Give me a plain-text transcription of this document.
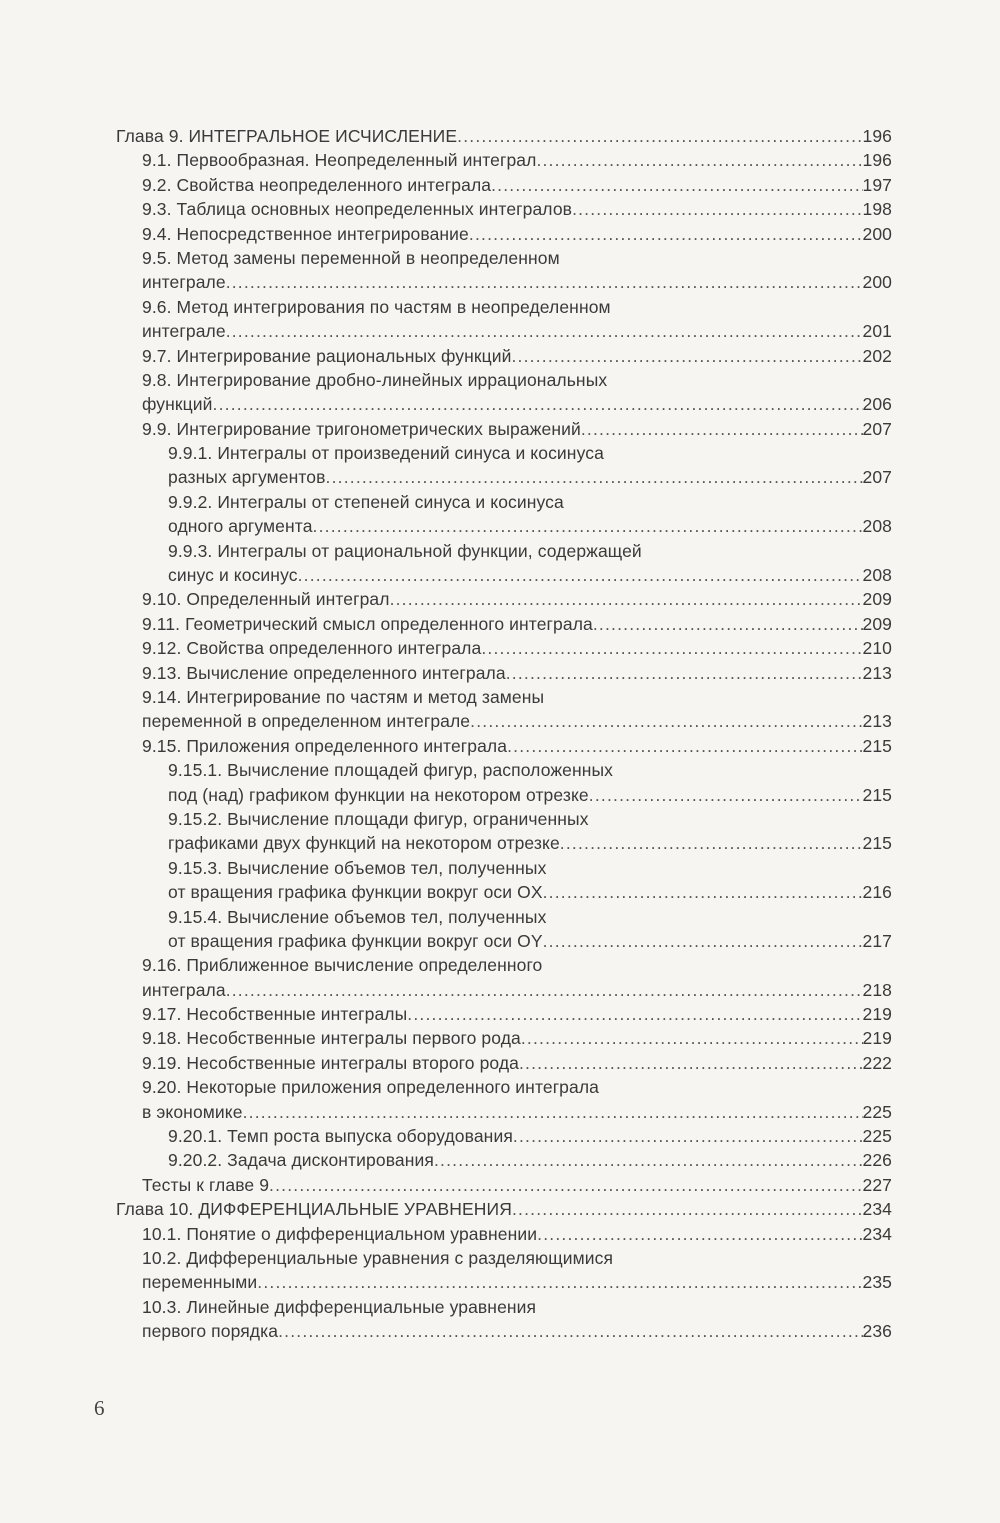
Глава 9. ИНТЕГРАЛЬНОЕ ИСЧИСЛЕНИЕ .....	196
9.1. Первообразная. Неопределенный интеграл .....	196
9.2. Свойства неопределенного интеграла .....	197
9.3. Таблица основных неопределенных интегралов .....	198
9.4. Непосредственное интегрирование .....	200
9.5. Метод замены переменной в неопределенном
интеграле .....	200
9.6. Метод интегрирования по частям в неопределенном
интеграле .....	201
9.7. Интегрирование рациональных функций .....	202
9.8. Интегрирование дробно-линейных иррациональных
функций .....	206
9.9. Интегрирование тригонометрических выражений .....	207
9.9.1. Интегралы от произведений синуса и косинуса
разных аргументов .....	207
9.9.2. Интегралы от степеней синуса и косинуса
одного аргумента .....	208
9.9.3. Интегралы от рациональной функции, содержащей
синус и косинус .....	208
9.10. Определенный интеграл .....	209
9.11. Геометрический смысл определенного интеграла .....	209
9.12. Свойства определенного интеграла .....	210
9.13. Вычисление определенного интеграла .....	213
9.14. Интегрирование по частям и метод замены
переменной в определенном интеграле .....	213
9.15. Приложения определенного интеграла .....	215
9.15.1. Вычисление площадей фигур, расположенных
под (над) графиком функции на некотором отрезке .....	215
9.15.2. Вычисление площади фигур, ограниченных
графиками двух функций на некотором отрезке .....	215
9.15.3. Вычисление объемов тел, полученных
от вращения графика функции вокруг оси OX .....	216
9.15.4. Вычисление объемов тел, полученных
от вращения графика функции вокруг оси OY .....	217
9.16. Приближенное вычисление определенного
интеграла .....	218
9.17. Несобственные интегралы .....	219
9.18. Несобственные интегралы первого рода .....	219
9.19. Несобственные интегралы второго рода .....	222
9.20. Некоторые приложения определенного интеграла
в экономике .....	225
9.20.1. Темп роста выпуска оборудования .....	225
9.20.2. Задача дисконтирования .....	226
Тесты к главе 9 .....	227
Глава 10. ДИФФЕРЕНЦИАЛЬНЫЕ УРАВНЕНИЯ .....	234
10.1. Понятие о дифференциальном уравнении .....	234
10.2. Дифференциальные уравнения с разделяющимися
переменными .....	235
10.3. Линейные дифференциальные уравнения
первого порядка .....	236
6
